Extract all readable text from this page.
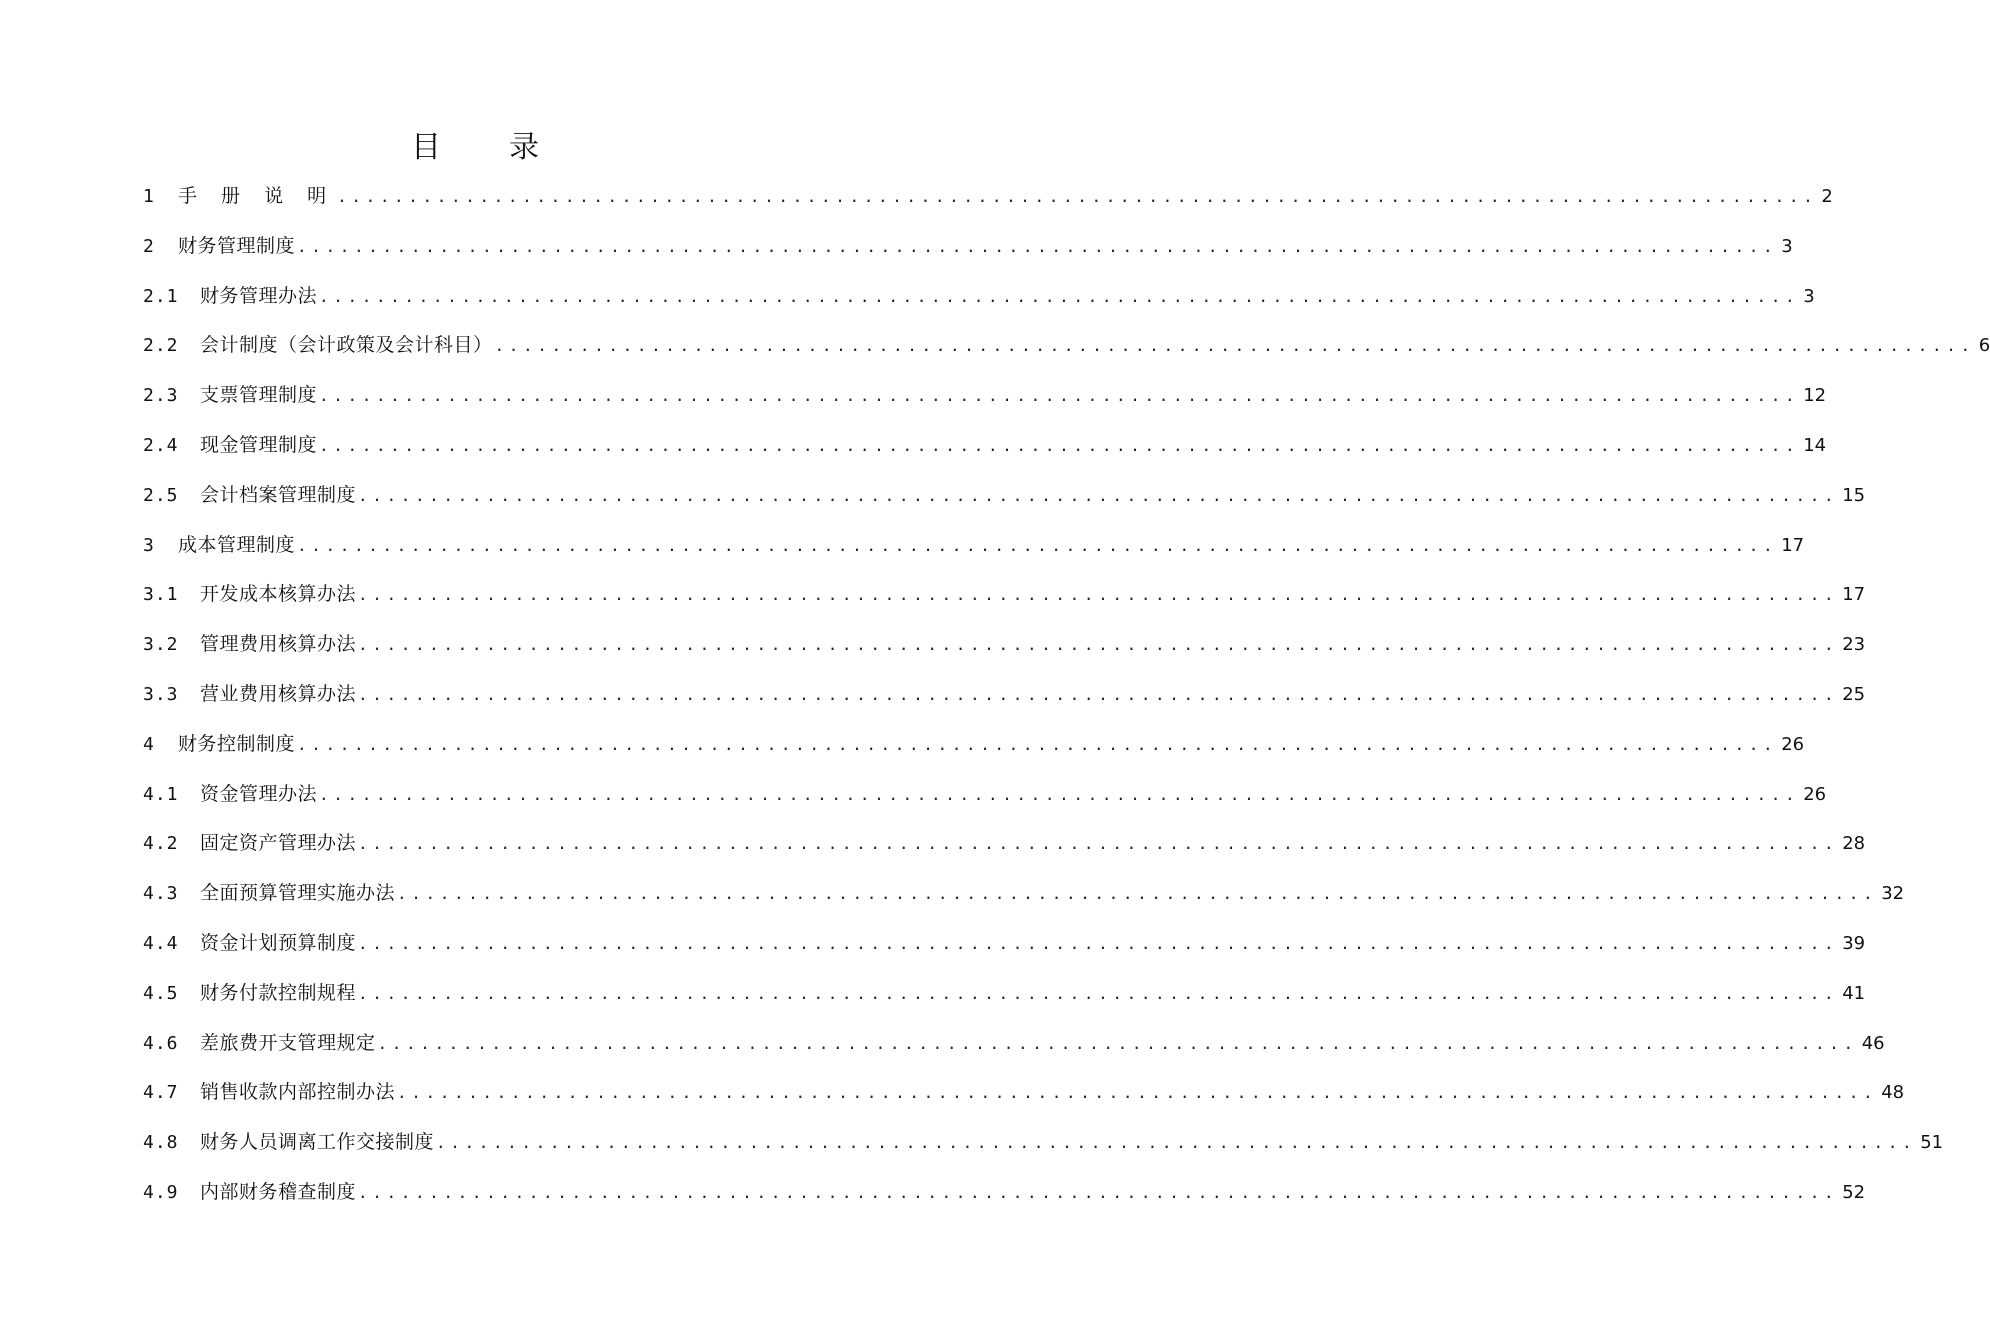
目 录
1	手 册 说 明 ........................................................................................................ 2
2	财务管理制度 ........................................................................................................ 3
2.1	财务管理办法 ........................................................................................................ 3
2.2	会计制度（会计政策及会计科目） ........................................................................................................ 6
2.3	支票管理制度 ........................................................................................................ 12
2.4	现金管理制度 ........................................................................................................ 14
2.5	会计档案管理制度 ........................................................................................................ 15
3	成本管理制度 ........................................................................................................ 17
3.1	开发成本核算办法 ........................................................................................................ 17
3.2	管理费用核算办法 ........................................................................................................ 23
3.3	营业费用核算办法 ........................................................................................................ 25
4	财务控制制度 ........................................................................................................ 26
4.1	资金管理办法 ........................................................................................................ 26
4.2	固定资产管理办法 ........................................................................................................ 28
4.3	全面预算管理实施办法 ........................................................................................................ 32
4.4	资金计划预算制度 ........................................................................................................ 39
4.5	财务付款控制规程 ........................................................................................................ 41
4.6	差旅费开支管理规定 ........................................................................................................ 46
4.7	销售收款内部控制办法 ........................................................................................................ 48
4.8	财务人员调离工作交接制度 ........................................................................................................ 51
4.9	内部财务稽查制度 ........................................................................................................ 52
